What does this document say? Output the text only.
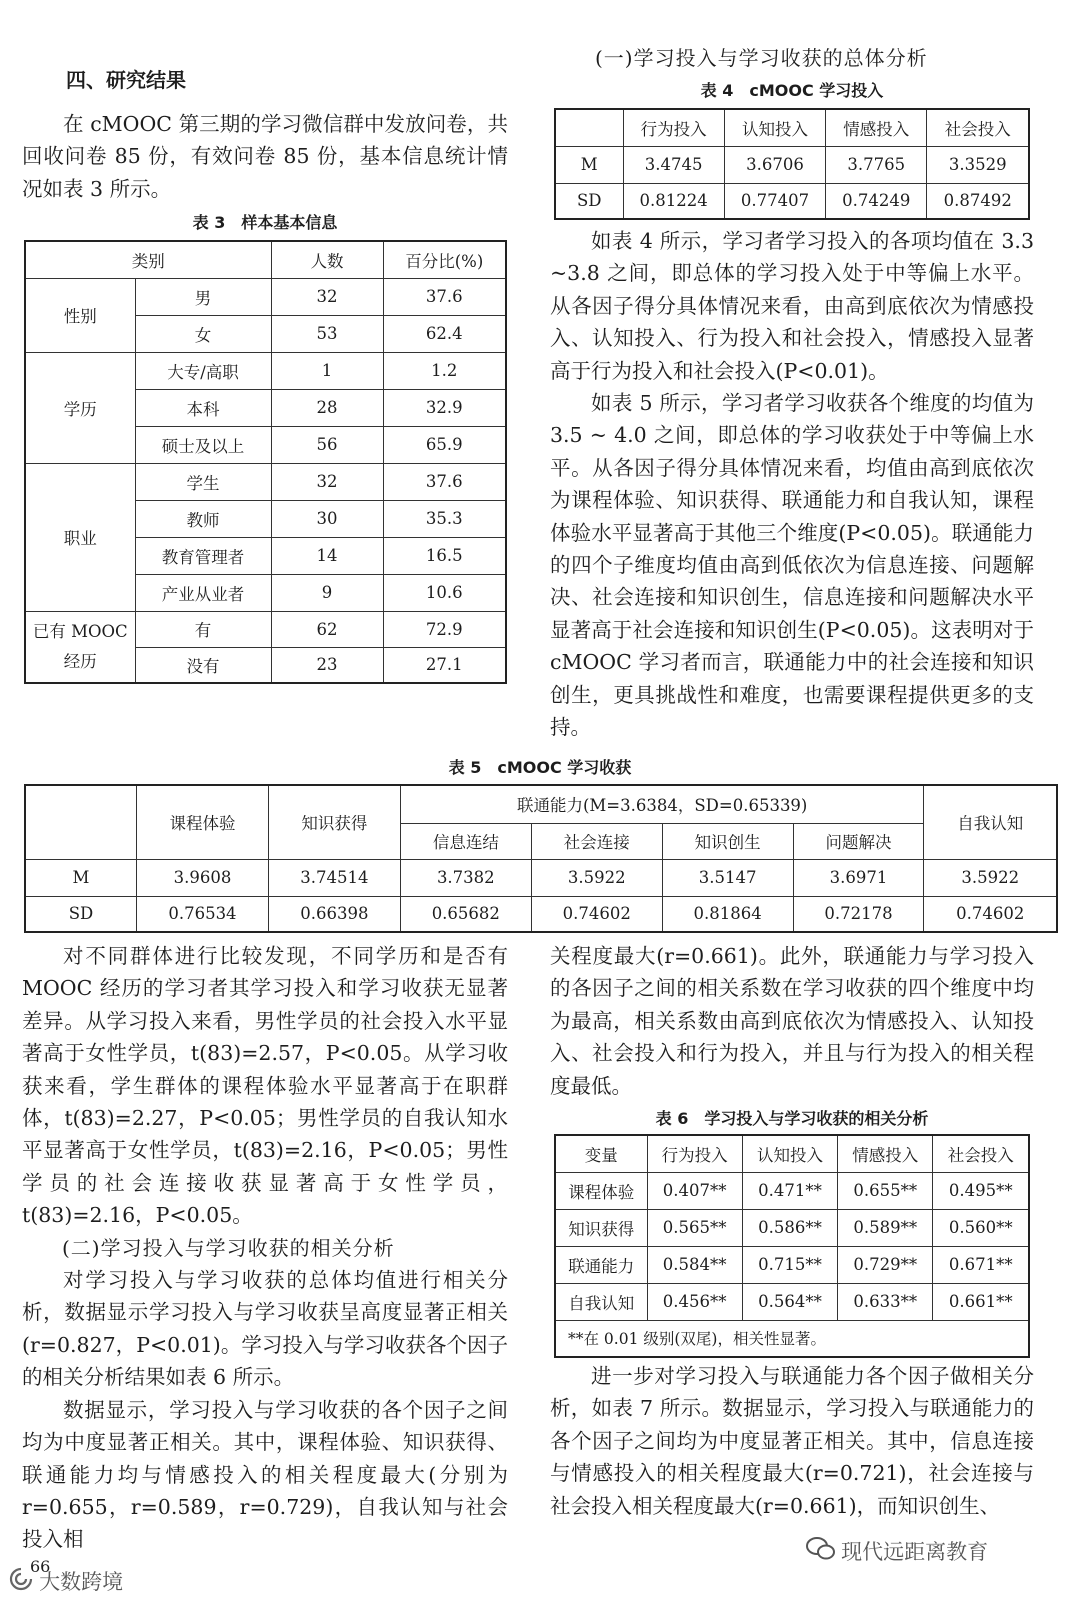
四、研究结果
在 cMOOC 第三期的学习微信群中发放问卷，共回收问卷 85 份，有效问卷 85 份，基本信息统计情况如表 3 所示。
表 3　样本基本信息
类别		人数	百分比(%)
性别	男	32	37.6
	女	53	62.4
学历	大专/高职	1	1.2
	本科	28	32.9
	硕士及以上	56	65.9
职业	学生	32	37.6
	教师	30	35.3
	教育管理者	14	16.5
	产业从业者	9	10.6

已有 MOOC
经历	有	62	72.9
	没有	23	27.1
(一)学习投入与学习收获的总体分析
表 4　cMOOC 学习投入
	行为投入	认知投入	情感投入	社会投入
M	3.4745	3.6706	3.7765	3.3529
SD	0.81224	0.77407	0.74249	0.87492
如表 4 所示，学习者学习投入的各项均值在 3.3 ~3.8 之间，即总体的学习投入处于中等偏上水平。从各因子得分具体情况来看，由高到底依次为情感投入、认知投入、行为投入和社会投入，情感投入显著高于行为投入和社会投入(P<0.01)。
如表 5 所示，学习者学习收获各个维度的均值为 3.5 ~ 4.0 之间，即总体的学习收获处于中等偏上水平。从各因子得分具体情况来看，均值由高到底依次为课程体验、知识获得、联通能力和自我认知，课程体验水平显著高于其他三个维度(P<0.05)。联通能力的四个子维度均值由高到低依次为信息连接、问题解决、社会连接和知识创生，信息连接和问题解决水平显著高于社会连接和知识创生(P<0.05)。这表明对于 cMOOC 学习者而言，联通能力中的社会连接和知识创生，更具挑战性和难度，也需要课程提供更多的支持。
表 5　cMOOC 学习收获
	课程体验	知识获得	联通能力(M=3.6384，SD=0.65339)				自我认知
			信息连结	社会连接	知识创生	问题解决	
M	3.9608	3.74514	3.7382	3.5922	3.5147	3.6971	3.5922
SD	0.76534	0.66398	0.65682	0.74602	0.81864	0.72178	0.74602
对不同群体进行比较发现，不同学历和是否有 MOOC 经历的学习者其学习投入和学习收获无显著差异。从学习投入来看，男性学员的社会投入水平显著高于女性学员，t(83)=2.57，P<0.05。从学习收获来看，学生群体的课程体验水平显著高于在职群体，t(83)=2.27，P<0.05；男性学员的自我认知水平显著高于女性学员，t(83)=2.16，P<0.05；男性学员的社会连接收获显著高于女性学员，t(83)=2.16，P<0.05。
(二)学习投入与学习收获的相关分析
对学习投入与学习收获的总体均值进行相关分析，数据显示学习投入与学习收获呈高度显著正相关(r=0.827，P<0.01)。学习投入与学习收获各个因子的相关分析结果如表 6 所示。
数据显示，学习投入与学习收获的各个因子之间均为中度显著正相关。其中，课程体验、知识获得、联通能力均与情感投入的相关程度最大(分别为 r=0.655，r=0.589，r=0.729)，自我认知与社会投入相
关程度最大(r=0.661)。此外，联通能力与学习投入的各因子之间的相关系数在学习收获的四个维度中均为最高，相关系数由高到底依次为情感投入、认知投入、社会投入和行为投入，并且与行为投入的相关程度最低。
表 6　学习投入与学习收获的相关分析
变量	行为投入	认知投入	情感投入	社会投入
课程体验	0.407**	0.471**	0.655**	0.495**
知识获得	0.565**	0.586**	0.589**	0.560**
联通能力	0.584**	0.715**	0.729**	0.671**
自我认知	0.456**	0.564**	0.633**	0.661**
**在 0.01 级别(双尾)，相关性显著。				
进一步对学习投入与联通能力各个因子做相关分析，如表 7 所示。数据显示，学习投入与联通能力的各个因子之间均为中度显著正相关。其中，信息连接与情感投入的相关程度最大(r=0.721)，社会连接与社会投入相关程度最大(r=0.661)，而知识创生、
66
大数跨境
现代远距离教育
